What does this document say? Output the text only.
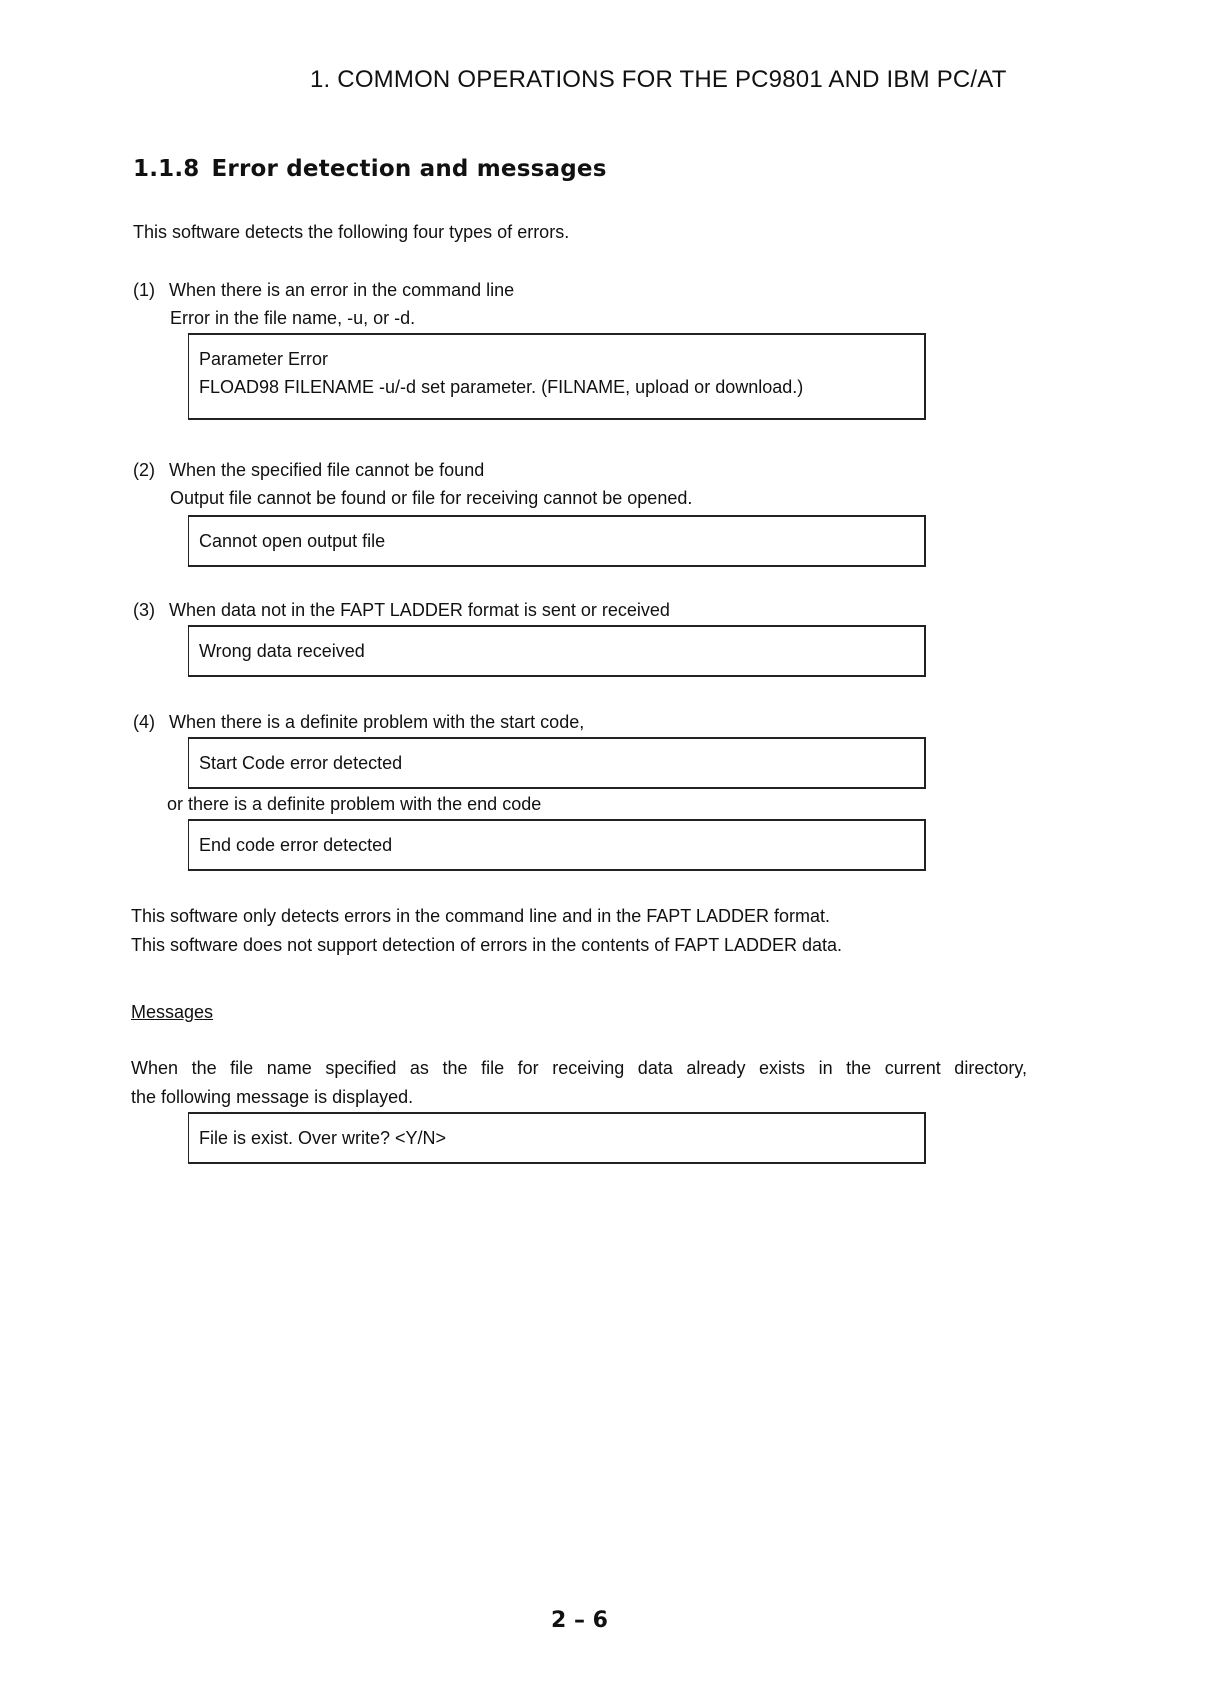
1. COMMON OPERATIONS FOR THE PC9801 AND IBM PC/AT
1.1.8 Error detection and messages
This software detects the following four types of errors.
(1) When there is an error in the command line
Error in the file name, -u, or -d.
Parameter Error
FLOAD98 FILENAME -u/-d set parameter. (FILNAME, upload or download.)
(2) When the specified file cannot be found
Output file cannot be found or file for receiving cannot be opened.
Cannot open output file
(3) When data not in the FAPT LADDER format is sent or received
Wrong data received
(4) When there is a definite problem with the start code,
Start Code error detected
or there is a definite problem with the end code
End code error detected
This software only detects errors in the command line and in the FAPT LADDER format.
This software does not support detection of errors in the contents of FAPT LADDER data.
Messages
When the file name specified as the file for receiving data already exists in the current directory,
the following message is displayed.
File is exist. Over write? <Y/N>
2 – 6
